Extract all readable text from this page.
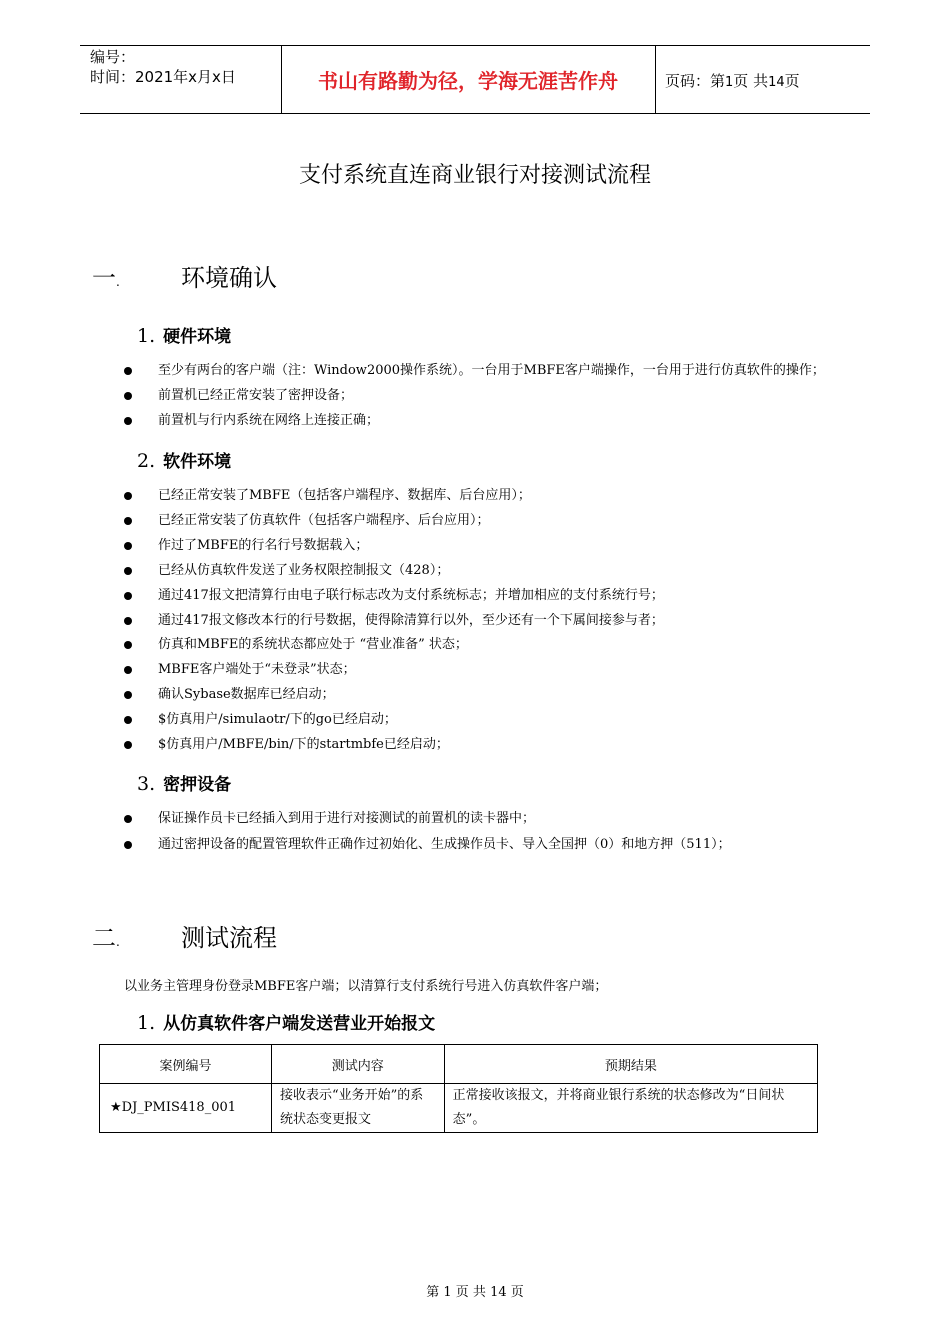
编号：
时间：2021年x月x日	书山有路勤为径，学海无涯苦作舟	页码：第1页 共14页
支付系统直连商业银行对接测试流程
一.	环境确认
1. 硬件环境
至少有两台的客户端（注：Window2000操作系统）。一台用于MBFE客户端操作，一台用于进行仿真软件的操作；
前置机已经正常安装了密押设备；
前置机与行内系统在网络上连接正确；
2. 软件环境
已经正常安装了MBFE（包括客户端程序、数据库、后台应用）；
已经正常安装了仿真软件（包括客户端程序、后台应用）；
作过了MBFE的行名行号数据载入；
已经从仿真软件发送了业务权限控制报文（428）；
通过417报文把清算行由电子联行标志改为支付系统标志；并增加相应的支付系统行号；
通过417报文修改本行的行号数据，使得除清算行以外，至少还有一个下属间接参与者；
仿真和MBFE的系统状态都应处于 “营业准备” 状态；
MBFE客户端处于“未登录”状态；
确认Sybase数据库已经启动；
$仿真用户/simulaotr/下的go已经启动；
$仿真用户/MBFE/bin/下的startmbfe已经启动；
3. 密押设备
保证操作员卡已经插入到用于进行对接测试的前置机的读卡器中；
通过密押设备的配置管理软件正确作过初始化、生成操作员卡、导入全国押（0）和地方押（511）；
二.	测试流程
以业务主管理身份登录MBFE客户端；以清算行支付系统行号进入仿真软件客户端；
1. 从仿真软件客户端发送营业开始报文
案例编号	测试内容	预期结果
★DJ_PMIS418_001	接收表示“业务开始”的系统状态变更报文	正常接收该报文，并将商业银行系统的状态修改为“日间状态”。
第 1 页 共 14 页
